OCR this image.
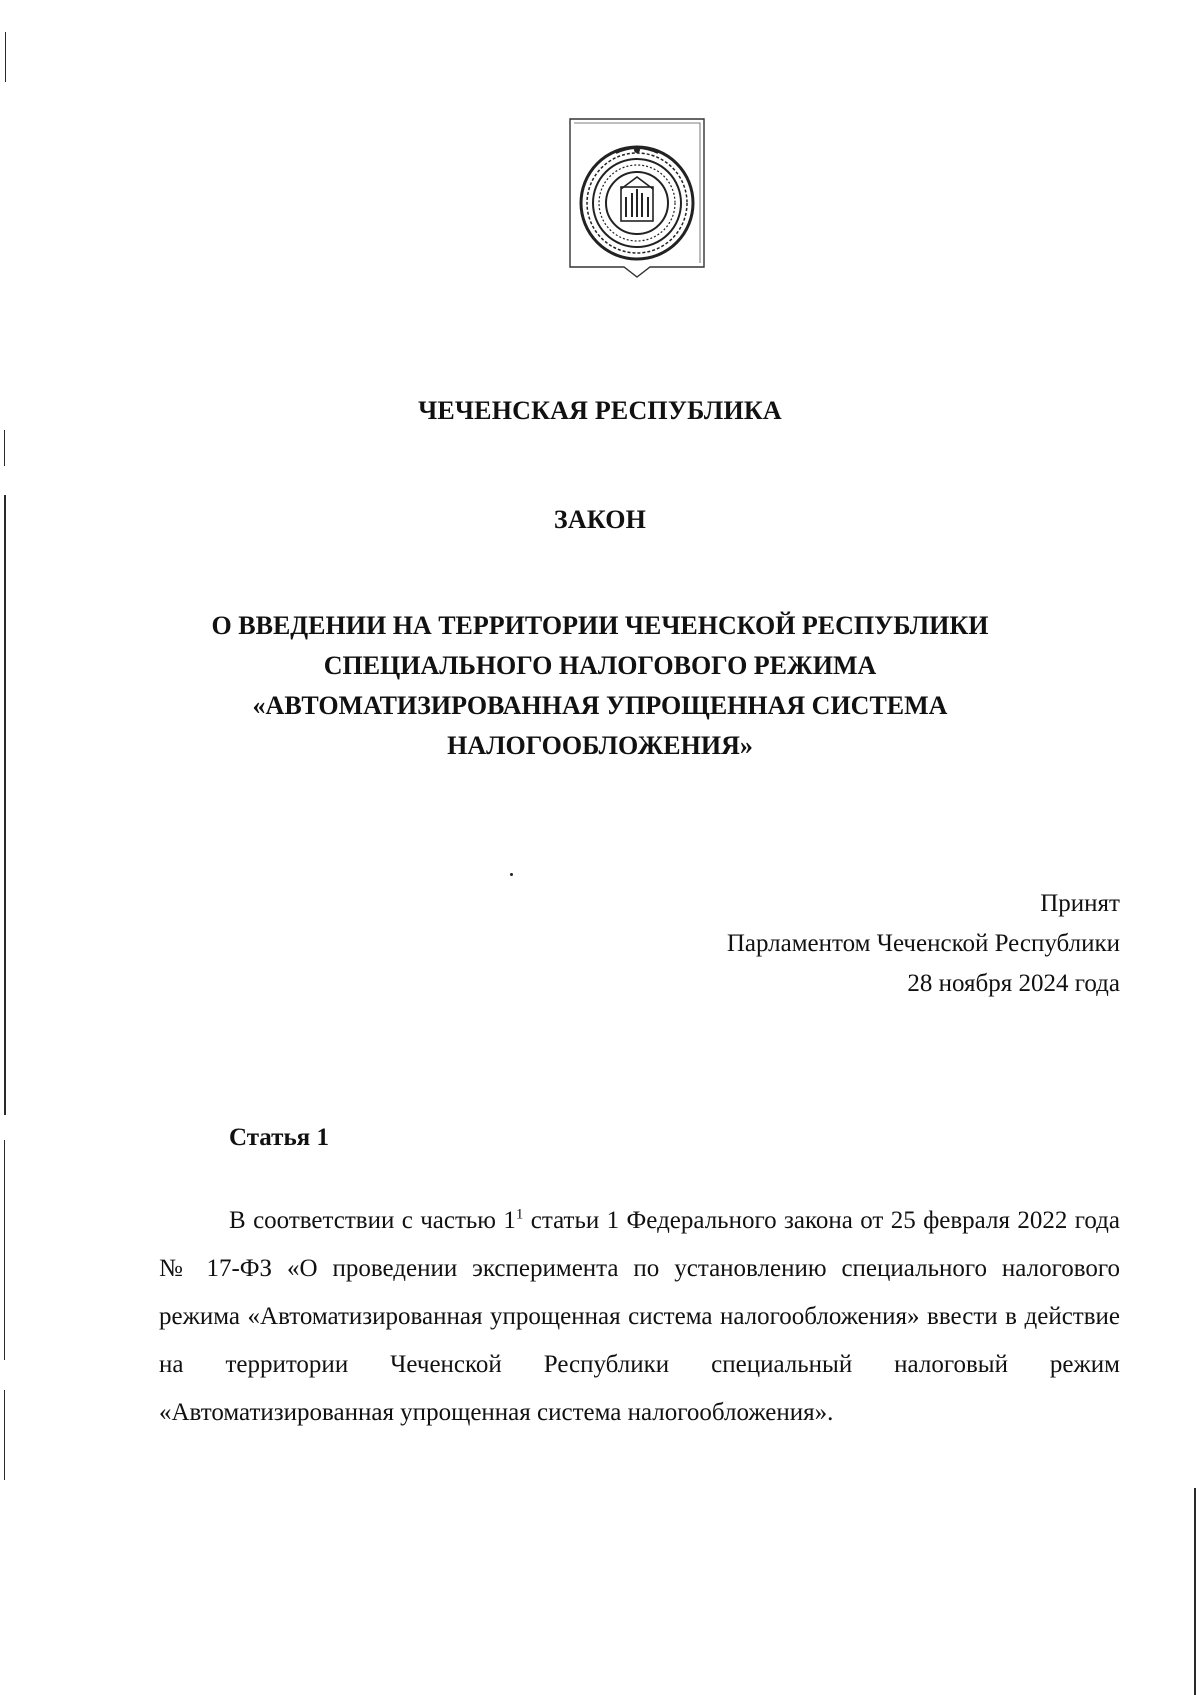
ЧЕЧЕНСКАЯ РЕСПУБЛИКА
ЗАКОН
О ВВЕДЕНИИ НА ТЕРРИТОРИИ ЧЕЧЕНСКОЙ РЕСПУБЛИКИ
СПЕЦИАЛЬНОГО НАЛОГОВОГО РЕЖИМА
«АВТОМАТИЗИРОВАННАЯ УПРОЩЕННАЯ СИСТЕМА
НАЛОГООБЛОЖЕНИЯ»
Принят
Парламентом Чеченской Республики
28 ноября 2024 года
Статья 1

В соответствии с частью $1^1$ статьи 1 Федерального закона от 25 февраля 2022 года № 17-ФЗ «О проведении эксперимента по установлению специального налогового режима «Автоматизированная упрощенная система налогообложения» ввести в действие на территории Чеченской Республики специальный налоговый режим «Автоматизированная упрощенная система налогообложения».
